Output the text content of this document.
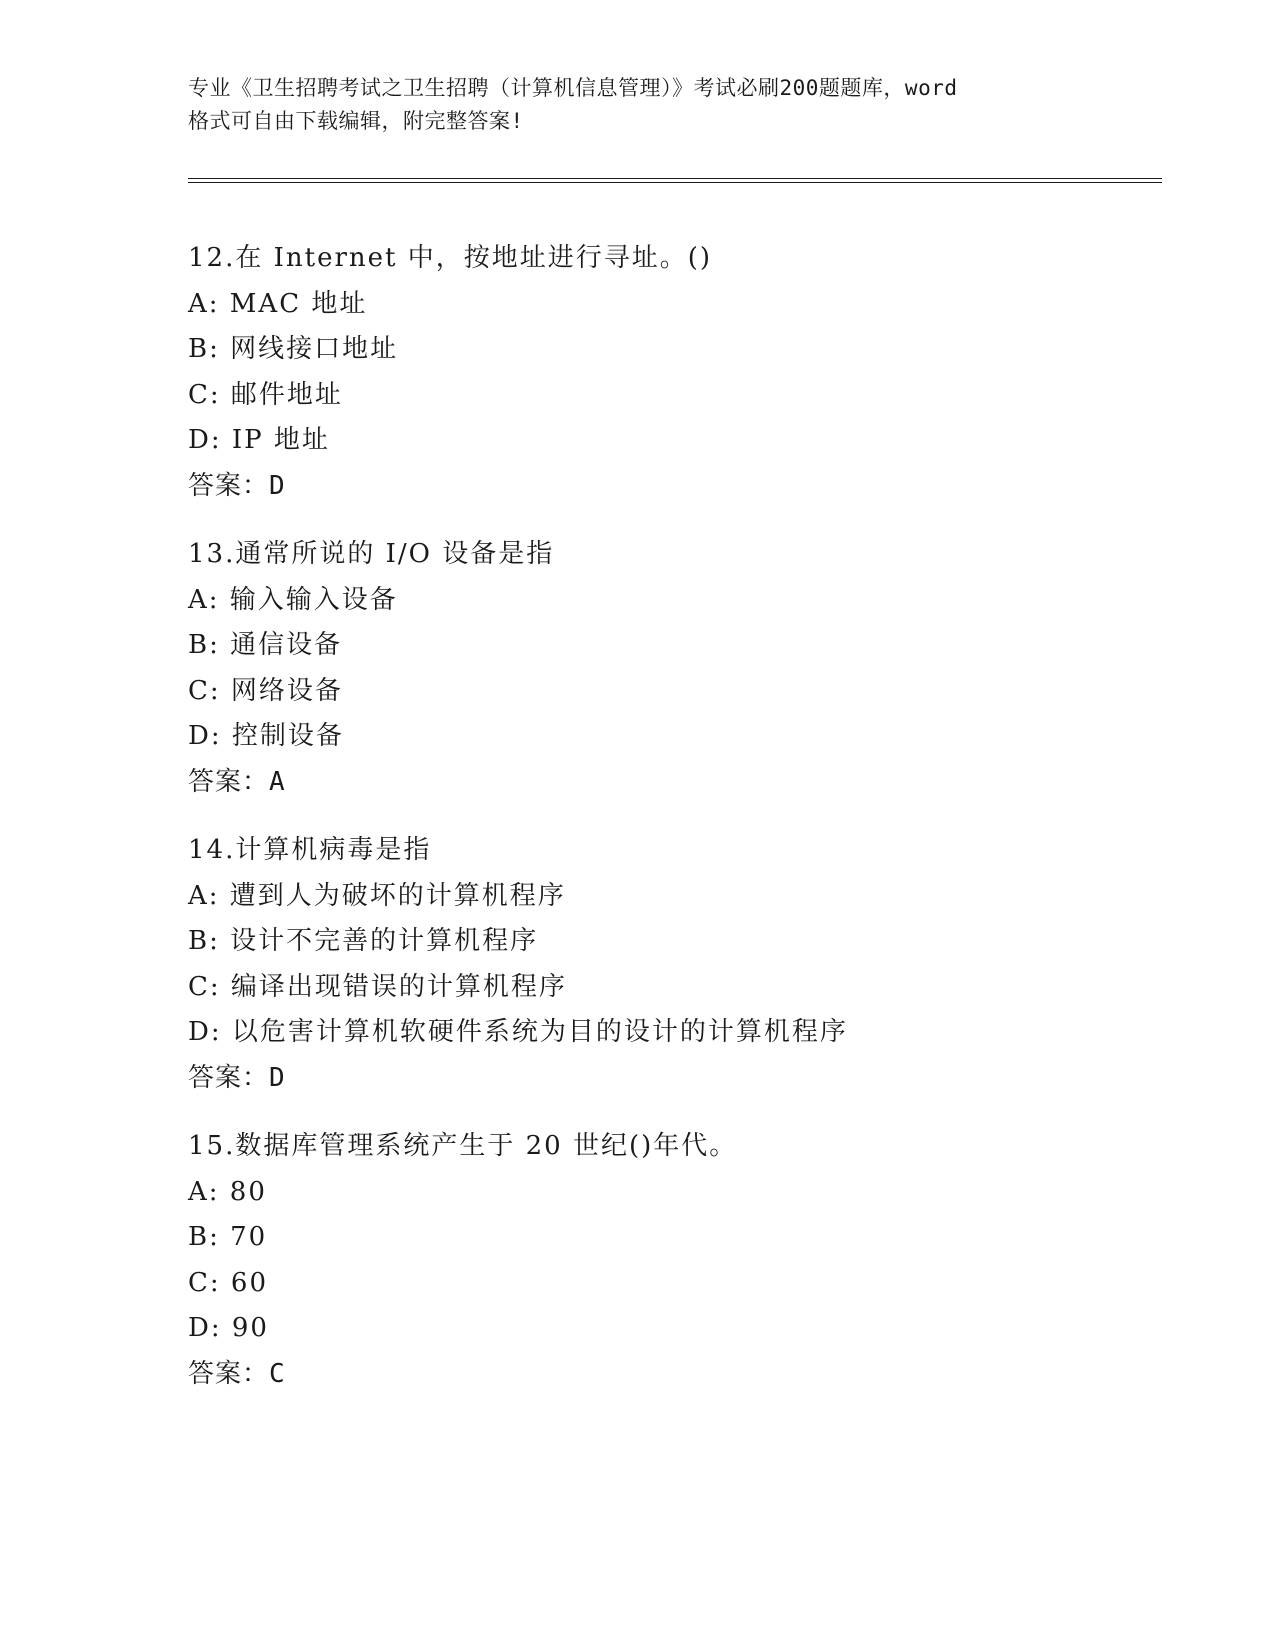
专业《卫生招聘考试之卫生招聘（计算机信息管理）》考试必刷200题题库，word
格式可自由下载编辑，附完整答案!
12.在 Internet 中，按地址进行寻址。()
A: MAC 地址
B: 网线接口地址
C: 邮件地址
D: IP 地址
答案：D
13.通常所说的 I/O 设备是指
A: 输入输入设备
B: 通信设备
C: 网络设备
D: 控制设备
答案：A
14.计算机病毒是指
A: 遭到人为破坏的计算机程序
B: 设计不完善的计算机程序
C: 编译出现错误的计算机程序
D: 以危害计算机软硬件系统为目的设计的计算机程序
答案：D
15.数据库管理系统产生于 20 世纪()年代。
A: 80
B: 70
C: 60
D: 90
答案：C
